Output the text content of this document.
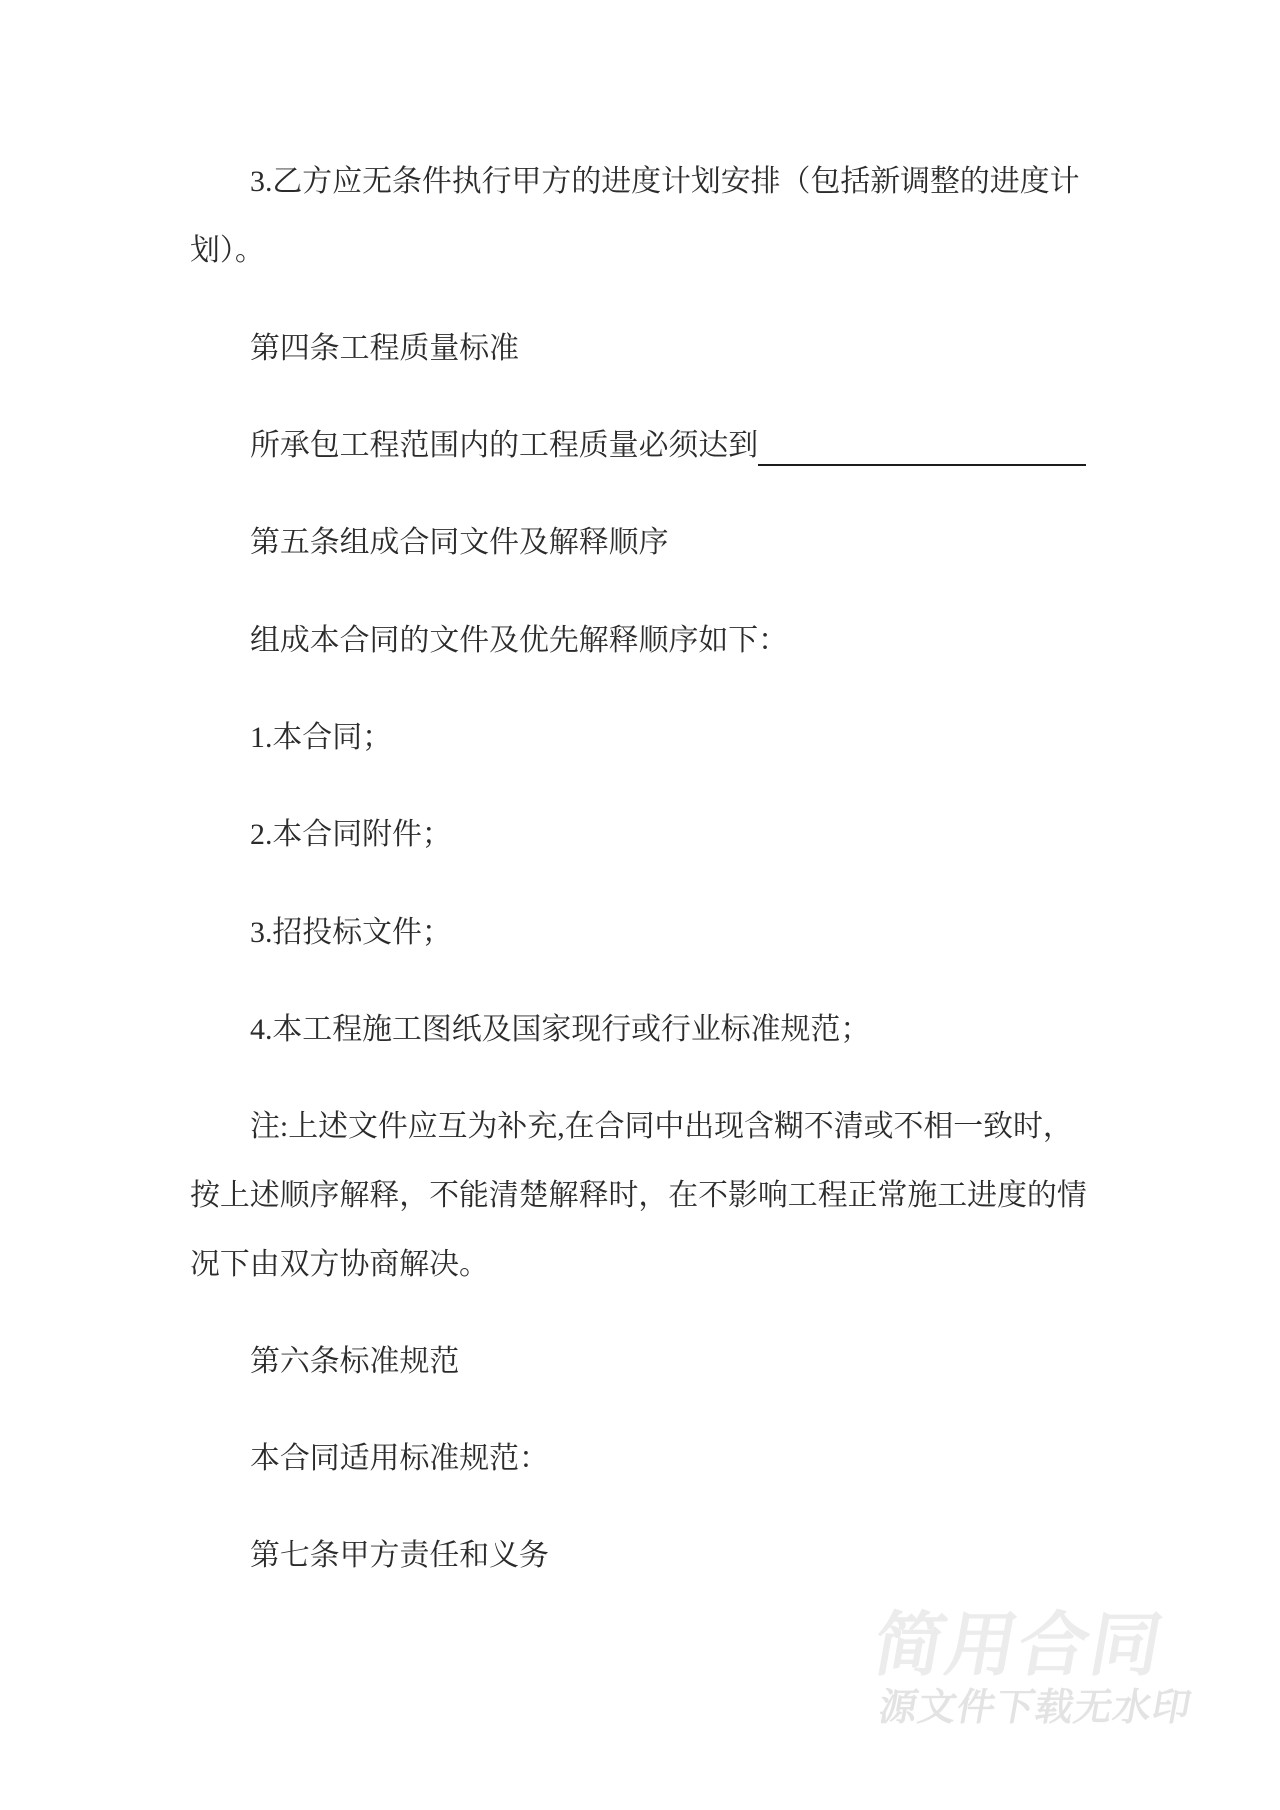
3.乙方应无条件执行甲方的进度计划安排（包括新调整的进度计
划）。
第四条工程质量标准
所承包工程范围内的工程质量必须达到
第五条组成合同文件及解释顺序
组成本合同的文件及优先解释顺序如下：
1.本合同；
2.本合同附件；
3.招投标文件；
4.本工程施工图纸及国家现行或行业标准规范；
注:上述文件应互为补充,在合同中出现含糊不清或不相一致时，
按上述顺序解释，不能清楚解释时，在不影响工程正常施工进度的情
况下由双方协商解决。
第六条标准规范
本合同适用标准规范：
第七条甲方责任和义务
简用合同
源文件下载无水印
